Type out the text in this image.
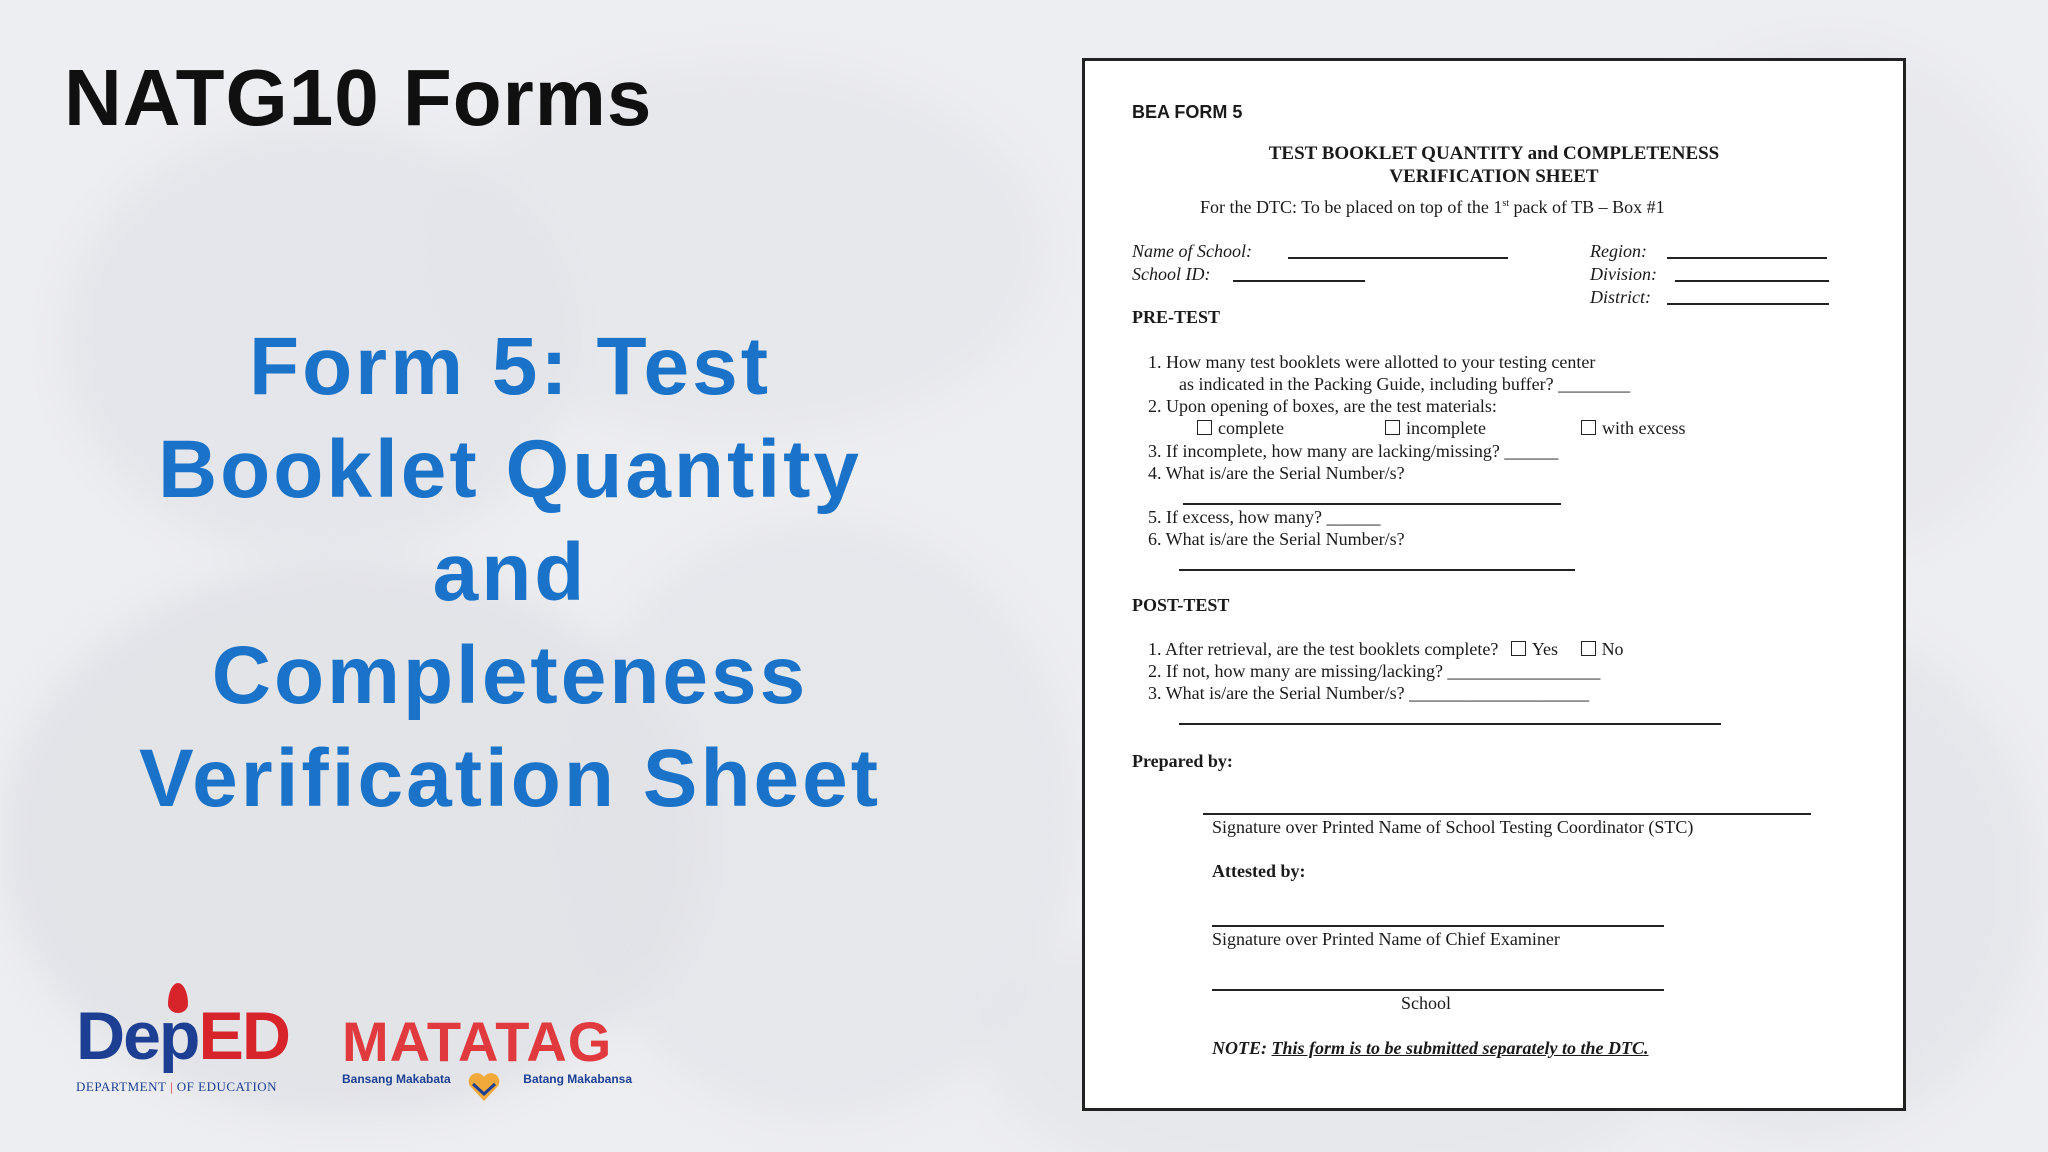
NATG10 Forms
Form 5: Test
Booklet Quantity
and
Completeness
Verification Sheet
DepED
DEPARTMENT | OF EDUCATION
MATATAG
Bansang Makabata	Batang Makabansa
BEA FORM 5
TEST BOOKLET QUANTITY and COMPLETENESS
VERIFICATION SHEET
For the DTC: To be placed on top of the 1st pack of TB – Box #1
Name of School:
School ID:
Region:
Division:
District:
PRE-TEST
1. How many test booklets were allotted to your testing center
as indicated in the Packing Guide, including buffer? ________
2. Upon opening of boxes, are the test materials:
complete	incomplete	with excess
3. If incomplete, how many are lacking/missing? ______
4. What is/are the Serial Number/s?
5. If excess, how many? ______
6. What is/are the Serial Number/s?
POST-TEST
1. After retrieval, are the test booklets complete? Yes No
2. If not, how many are missing/lacking? _________________
3. What is/are the Serial Number/s? ____________________
Prepared by:
Signature over Printed Name of School Testing Coordinator (STC)
Attested by:
Signature over Printed Name of Chief Examiner
School
NOTE: This form is to be submitted separately to the DTC.
